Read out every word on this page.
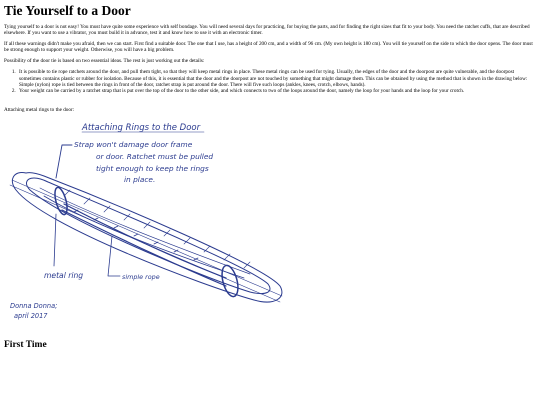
Tie Yourself to a Door

Tying yourself to a door is not easy! You must have quite some experience with self bondage. You will need several days for practicing, for buying the parts, and for finding the right sizes that fit to your body. You need the ratchet cuffs, that are described elsewhere. If you want to use a vibrator, you must build it in advance, test it and know how to use it with an electronic timer.

If all these warnings didn't make you afraid, then we can start. First find a suitable door. The one that I use, has a height of 200 cm, and a width of 96 cm. (My own height is 180 cm). You will tie yourself on the side to which the door opens. The door must be strong enough to support your weight. Otherwise, you will have a big problem.

Possibility of the door tie is based on two essential ideas. The rest is just working out the details:

1. It is possible to tie rope ratchets around the door, and pull them tight, so that they will keep metal rings in place. These metal rings can be used for tying. Usually, the edges of the door and the doorpost are quite vulnerable, and the doorpost sometimes contains plastic or rubber for isolation. Because of this, it is essential that the door and the doorpost are not touched by something that might damage them. This can be obtained by using the method that is shown in the drawing below: Simple (nylon) rope is tied between the rings in front of the door, ratchet strap is put around the door. There will five such loops (ankles, knees, crotch, elbows, hands).
2. Your weight can be carried by a ratchet strap that is put over the top of the door to the other side, and which connects to two of the loops around the door, namely the loop for your hands and the loop for your crotch.

Attaching metal rings to the door:

Attaching Rings to the Door
Strap won't damage door frame
or door. Ratchet must be pulled
tight enough to keep the rings
in place.
metal ring	simple rope
Donna Donna;
april 2017
First Time
